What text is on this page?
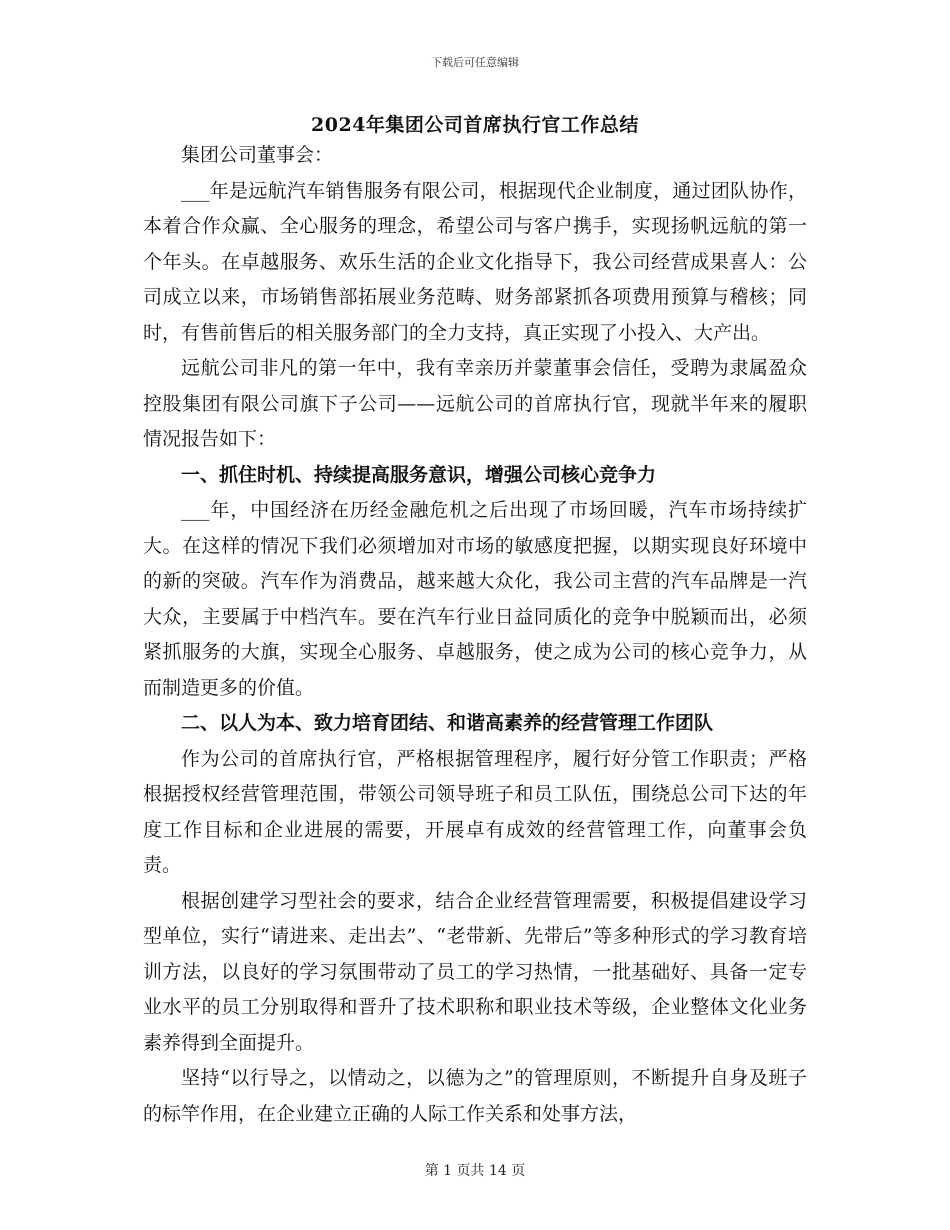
下载后可任意编辑
2024年集团公司首席执行官工作总结

集团公司董事会：

___年是远航汽车销售服务有限公司，根据现代企业制度，通过团队协作，本着合作众赢、全心服务的理念，希望公司与客户携手，实现扬帆远航的第一个年头。在卓越服务、欢乐生活的企业文化指导下，我公司经营成果喜人：公司成立以来，市场销售部拓展业务范畴、财务部紧抓各项费用预算与稽核；同时，有售前售后的相关服务部门的全力支持，真正实现了小投入、大产出。

远航公司非凡的第一年中，我有幸亲历并蒙董事会信任，受聘为隶属盈众控股集团有限公司旗下子公司——远航公司的首席执行官，现就半年来的履职情况报告如下：

一、抓住时机、持续提高服务意识，增强公司核心竞争力

___年，中国经济在历经金融危机之后出现了市场回暖，汽车市场持续扩大。在这样的情况下我们必须增加对市场的敏感度把握，以期实现良好环境中的新的突破。汽车作为消费品，越来越大众化，我公司主营的汽车品牌是一汽大众，主要属于中档汽车。要在汽车行业日益同质化的竞争中脱颖而出，必须紧抓服务的大旗，实现全心服务、卓越服务，使之成为公司的核心竞争力，从而制造更多的价值。

二、以人为本、致力培育团结、和谐高素养的经营管理工作团队

作为公司的首席执行官，严格根据管理程序，履行好分管工作职责；严格根据授权经营管理范围，带领公司领导班子和员工队伍，围绕总公司下达的年度工作目标和企业进展的需要，开展卓有成效的经营管理工作，向董事会负责。

根据创建学习型社会的要求，结合企业经营管理需要，积极提倡建设学习型单位，实行“请进来、走出去”、“老带新、先带后”等多种形式的学习教育培训方法，以良好的学习氛围带动了员工的学习热情，一批基础好、具备一定专业水平的员工分别取得和晋升了技术职称和职业技术等级，企业整体文化业务素养得到全面提升。

坚持“以行导之，以情动之，以德为之”的管理原则，不断提升自身及班子的标竿作用，在企业建立正确的人际工作关系和处事方法，

第 1 页共 14 页
